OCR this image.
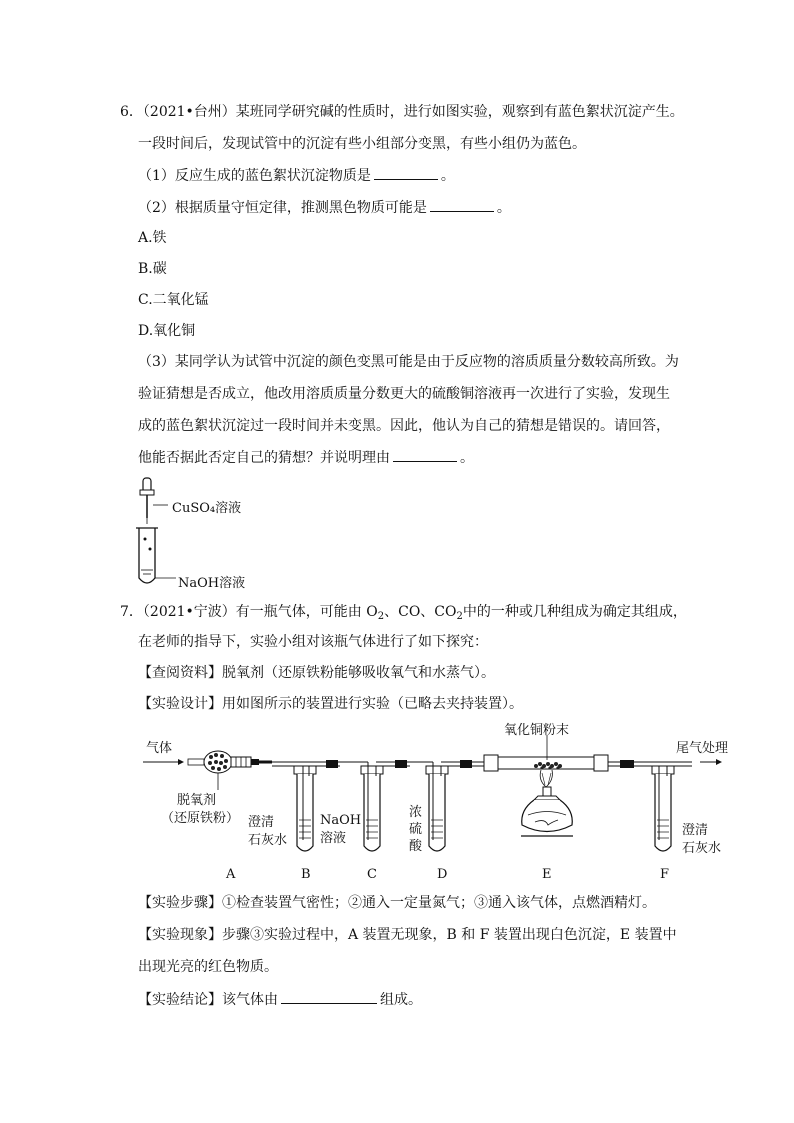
6．（2021•台州）某班同学研究碱的性质时，进行如图实验，观察到有蓝色絮状沉淀产生。
一段时间后，发现试管中的沉淀有些小组部分变黑，有些小组仍为蓝色。
（1）反应生成的蓝色絮状沉淀物质是	。
（2）根据质量守恒定律，推测黑色物质可能是	。
A.铁
B.碳
C.二氧化锰
D.氧化铜
（3）某同学认为试管中沉淀的颜色变黑可能是由于反应物的溶质质量分数较高所致。为
验证猜想是否成立，他改用溶质质量分数更大的硫酸铜溶液再一次进行了实验，发现生
成的蓝色絮状沉淀过一段时间并未变黑。因此，他认为自己的猜想是错误的。请回答，
他能否据此否定自己的猜想？并说明理由	。
CuSO₄溶液
NaOH溶液
7．（2021•宁波）有一瓶气体，可能由 $O_2$、CO、$CO_2$中的一种或几种组成为确定其组成，
在老师的指导下，实验小组对该瓶气体进行了如下探究：
【查阅资料】脱氧剂（还原铁粉能够吸收氧气和水蒸气）。
【实验设计】用如图所示的装置进行实验（已略去夹持装置）。
气体
氧化铜粉末
尾气处理
脱氧剂
（还原铁粉） 澄清
石灰水
NaOH
溶液
浓
硫
酸
澄清
石灰水
A	B	C	D	E	F
【实验步骤】①检查装置气密性；②通入一定量氮气；③通入该气体，点燃酒精灯。
【实验现象】步骤③实验过程中，A 装置无现象，B 和 F 装置出现白色沉淀，E 装置中
出现光亮的红色物质。
【实验结论】该气体由	组成。
